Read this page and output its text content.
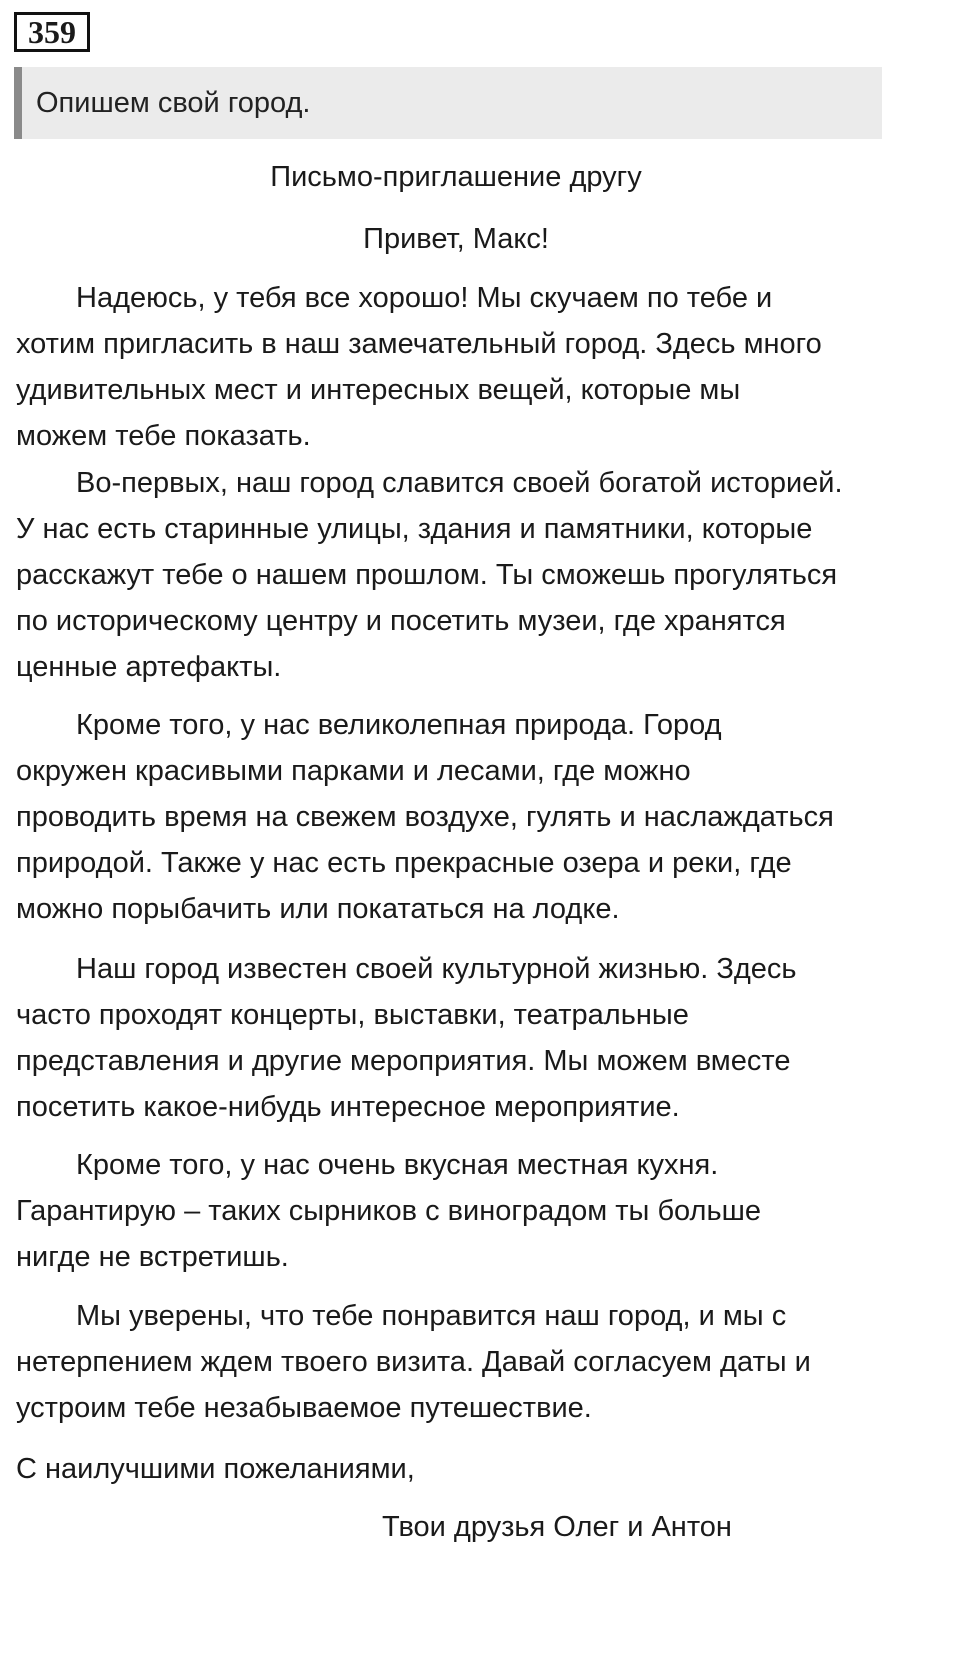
359
Опишем свой город.
Письмо-приглашение другу
Привет, Макс!
Надеюсь, у тебя все хорошо! Мы скучаем по тебе и
хотим пригласить в наш замечательный город. Здесь много
удивительных мест и интересных вещей, которые мы
можем тебе показать.
Во-первых, наш город славится своей богатой историей.
У нас есть старинные улицы, здания и памятники, которые
расскажут тебе о нашем прошлом. Ты сможешь прогуляться
по историческому центру и посетить музеи, где хранятся
ценные артефакты.
Кроме того, у нас великолепная природа. Город
окружен красивыми парками и лесами, где можно
проводить время на свежем воздухе, гулять и наслаждаться
природой. Также у нас есть прекрасные озера и реки, где
можно порыбачить или покататься на лодке.
Наш город известен своей культурной жизнью. Здесь
часто проходят концерты, выставки, театральные
представления и другие мероприятия. Мы можем вместе
посетить какое-нибудь интересное мероприятие.
Кроме того, у нас очень вкусная местная кухня.
Гарантирую – таких сырников с виноградом ты больше
нигде не встретишь.
Мы уверены, что тебе понравится наш город, и мы с
нетерпением ждем твоего визита. Давай согласуем даты и
устроим тебе незабываемое путешествие.
С наилучшими пожеланиями,
Твои друзья Олег и Антон
